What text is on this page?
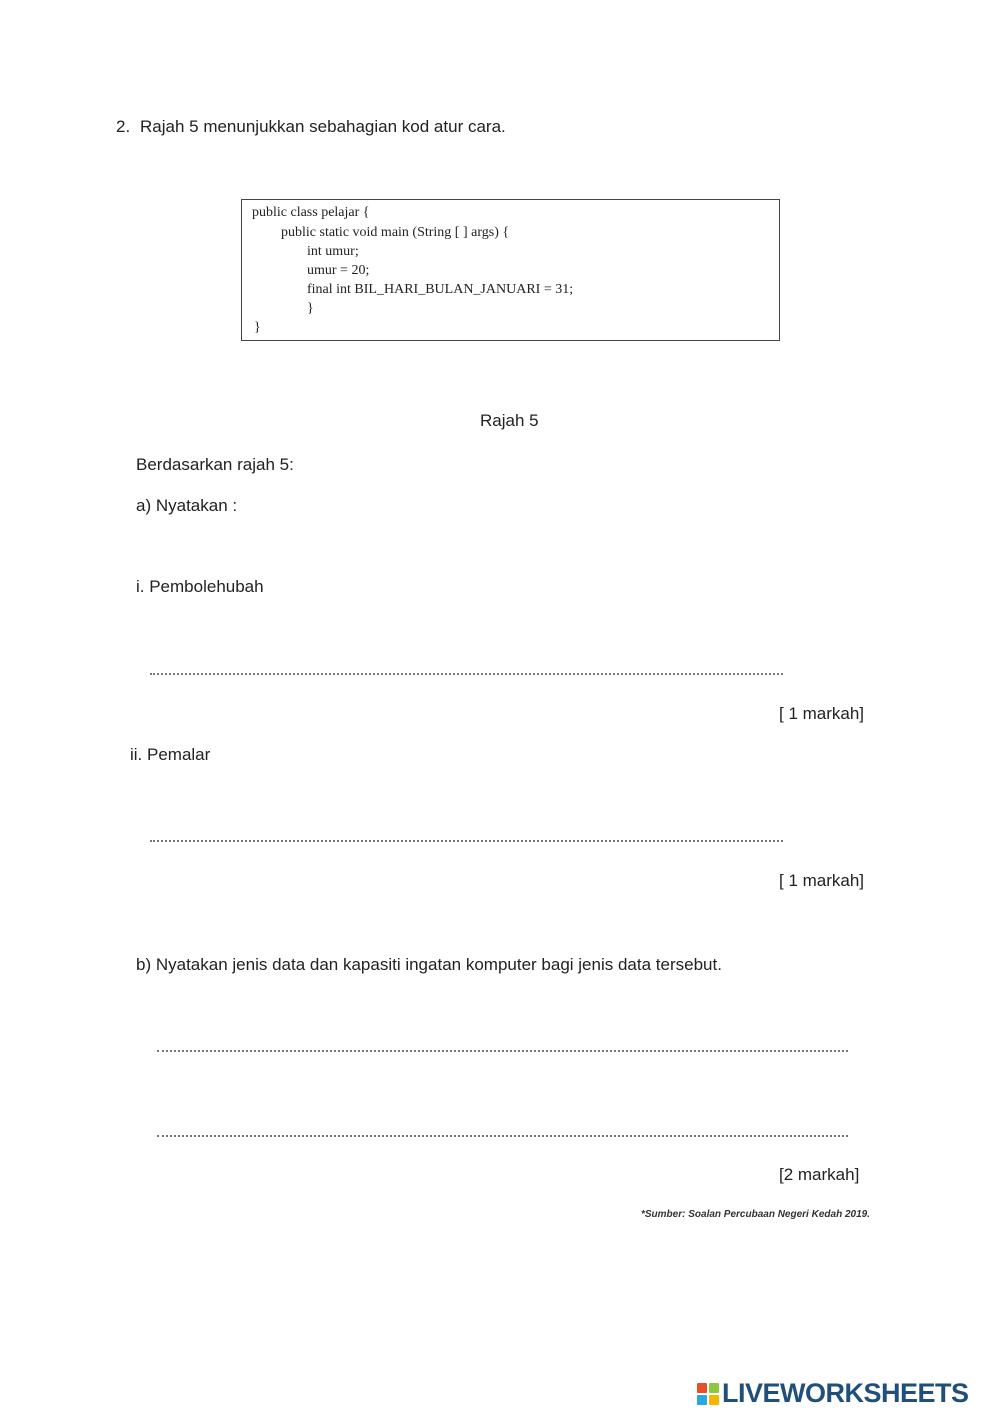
2. Rajah 5 menunjukkan sebahagian kod atur cara.
public class pelajar {
public static void main (String [ ] args) {
int umur;
umur = 20;
final int BIL_HARI_BULAN_JANUARI = 31;
}
}
Rajah 5
Berdasarkan rajah 5:
a) Nyatakan :
i. Pembolehubah
[ 1 markah]
ii. Pemalar
[ 1 markah]
b) Nyatakan jenis data dan kapasiti ingatan komputer bagi jenis data tersebut.
[2 markah]
*Sumber: Soalan Percubaan Negeri Kedah 2019.
LIVEWORKSHEETS
